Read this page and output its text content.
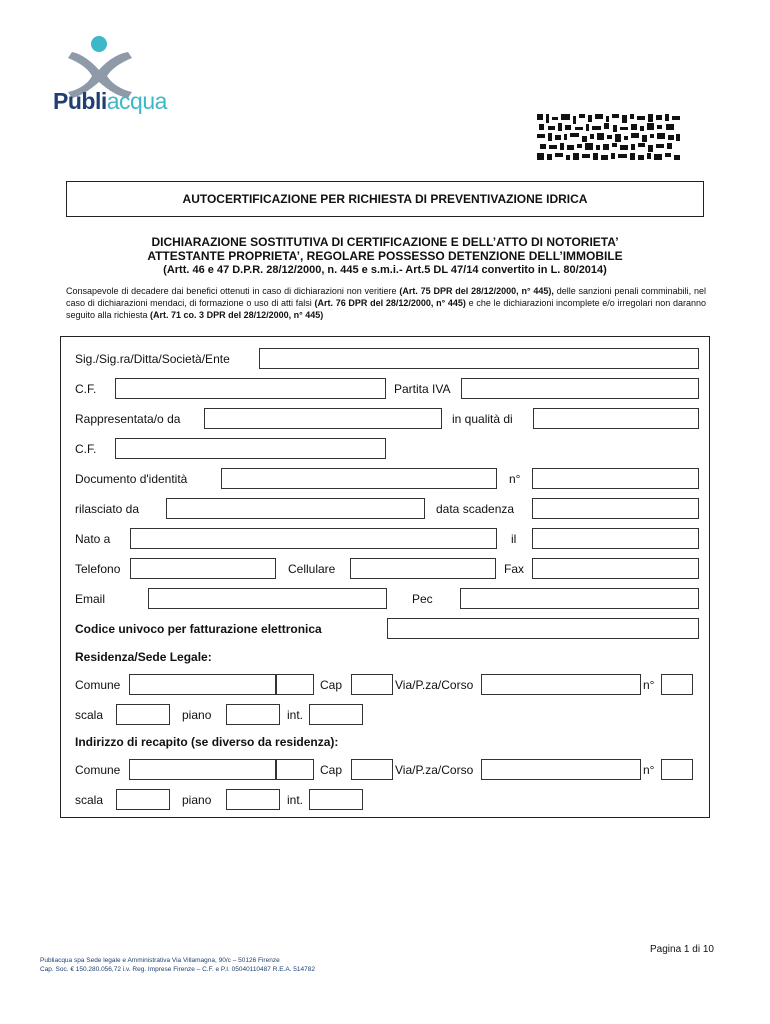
Publiacqua
AUTOCERTIFICAZIONE PER RICHIESTA DI PREVENTIVAZIONE IDRICA
DICHIARAZIONE SOSTITUTIVA DI CERTIFICAZIONE E DELL’ATTO DI NOTORIETA’
ATTESTANTE PROPRIETA’, REGOLARE POSSESSO DETENZIONE DELL’IMMOBILE
(Artt. 46 e 47 D.P.R. 28/12/2000, n. 445 e s.m.i.- Art.5 DL 47/14 convertito in L. 80/2014)
Consapevole di decadere dai benefici ottenuti in caso di dichiarazioni non veritiere (Art. 75 DPR del 28/12/2000, n° 445), delle sanzioni penali comminabili, nel caso di dichiarazioni mendaci, di formazione o uso di atti falsi (Art. 76 DPR del 28/12/2000, n° 445) e che le dichiarazioni incomplete e/o irregolari non daranno seguito alla richiesta (Art. 71 co. 3 DPR del 28/12/2000, n° 445)
Sig./Sig.ra/Ditta/Società/Ente
C.F.	Partita IVA
Rappresentata/o da	in qualità di
C.F.
Documento d'identità	n°
rilasciato da	data scadenza
Nato a	il
Telefono	Cellulare	Fax
Email	Pec
Codice univoco per fatturazione elettronica
Residenza/Sede Legale:
Comune	Cap	Via/P.za/Corso	n°
scala	piano	int.
Indirizzo di recapito (se diverso da residenza):
Comune	Cap	Via/P.za/Corso	n°
scala	piano	int.
Pagina 1 di 10
Publiacqua spa Sede legale e Amministrativa Via Villamagna, 90/c – 50126 Firenze
Cap. Soc. € 150.280.056,72 i.v. Reg. Imprese Firenze – C.F. e P.I. 05040110487 R.E.A. 514782
